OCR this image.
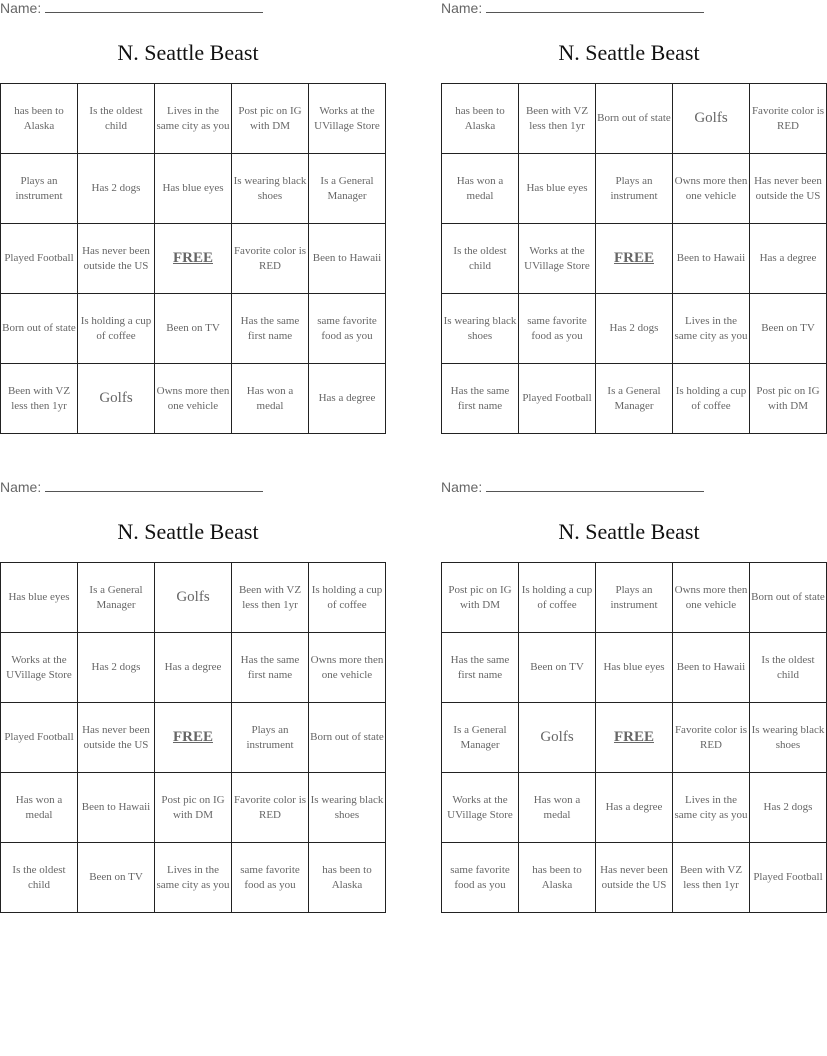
Name:
N. Seattle Beast
has been to Alaska	Is the oldest child	Lives in the same city as you	Post pic on IG with DM	Works at the UVillage Store
Plays an instrument	Has 2 dogs	Has blue eyes	Is wearing black shoes	Is a General Manager
Played Football	Has never been outside the US	FREE	Favorite color is RED	Been to Hawaii
Born out of state	Is holding a cup of coffee	Been on TV	Has the same first name	same favorite food as you
Been with VZ less then 1yr	Golfs	Owns more then one vehicle	Has won a medal	Has a degree
Name:
N. Seattle Beast
has been to Alaska	Been with VZ less then 1yr	Born out of state	Golfs	Favorite color is RED
Has won a medal	Has blue eyes	Plays an instrument	Owns more then one vehicle	Has never been outside the US
Is the oldest child	Works at the UVillage Store	FREE	Been to Hawaii	Has a degree
Is wearing black shoes	same favorite food as you	Has 2 dogs	Lives in the same city as you	Been on TV
Has the same first name	Played Football	Is a General Manager	Is holding a cup of coffee	Post pic on IG with DM
Name:
N. Seattle Beast
Has blue eyes	Is a General Manager	Golfs	Been with VZ less then 1yr	Is holding a cup of coffee
Works at the UVillage Store	Has 2 dogs	Has a degree	Has the same first name	Owns more then one vehicle
Played Football	Has never been outside the US	FREE	Plays an instrument	Born out of state
Has won a medal	Been to Hawaii	Post pic on IG with DM	Favorite color is RED	Is wearing black shoes
Is the oldest child	Been on TV	Lives in the same city as you	same favorite food as you	has been to Alaska
Name:
N. Seattle Beast
Post pic on IG with DM	Is holding a cup of coffee	Plays an instrument	Owns more then one vehicle	Born out of state
Has the same first name	Been on TV	Has blue eyes	Been to Hawaii	Is the oldest child
Is a General Manager	Golfs	FREE	Favorite color is RED	Is wearing black shoes
Works at the UVillage Store	Has won a medal	Has a degree	Lives in the same city as you	Has 2 dogs
same favorite food as you	has been to Alaska	Has never been outside the US	Been with VZ less then 1yr	Played Football
